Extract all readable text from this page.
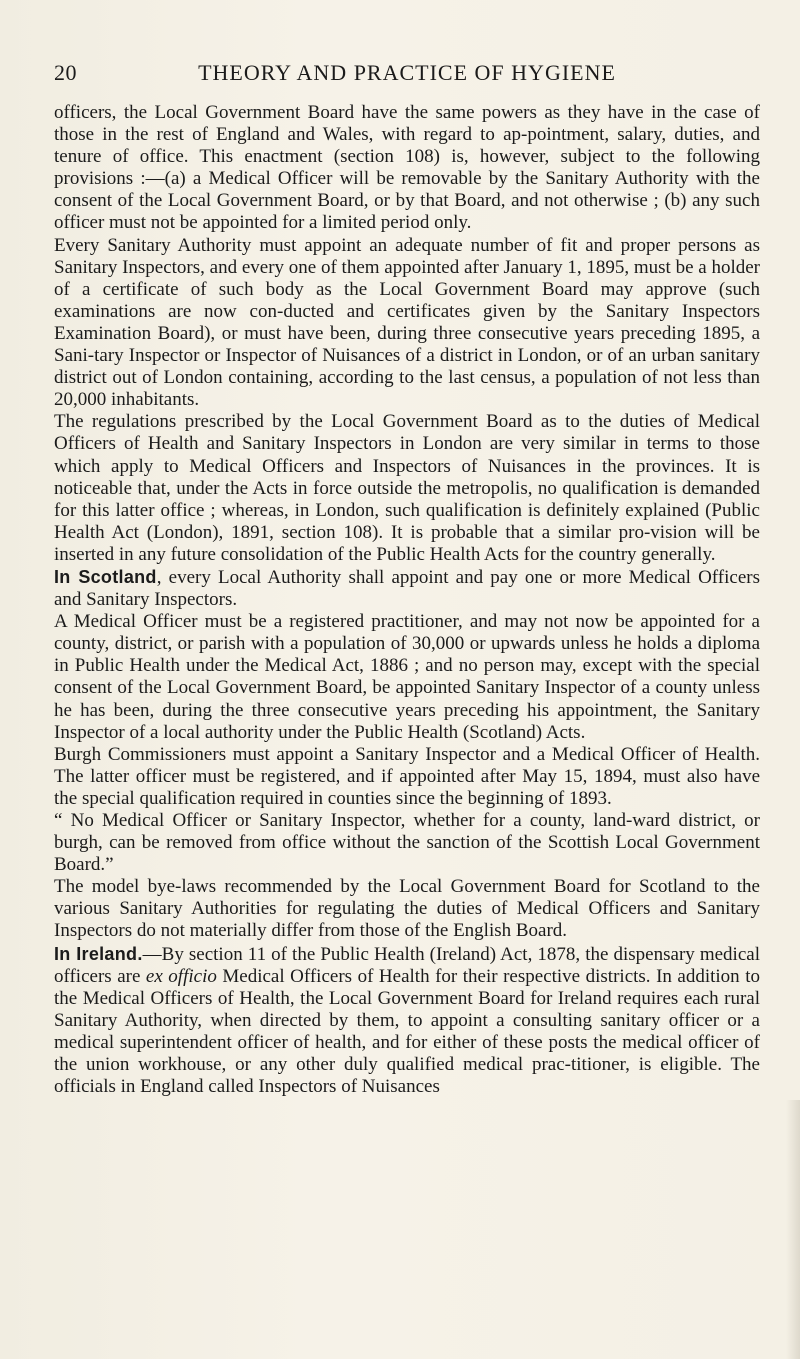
20	THEORY AND PRACTICE OF HYGIENE

officers, the Local Government Board have the same powers as they have in the case of those in the rest of England and Wales, with regard to ap-pointment, salary, duties, and tenure of office. This enactment (section 108) is, however, subject to the following provisions :—(a) a Medical Officer will be removable by the Sanitary Authority with the consent of the Local Government Board, or by that Board, and not otherwise ; (b) any such officer must not be appointed for a limited period only.

Every Sanitary Authority must appoint an adequate number of fit and proper persons as Sanitary Inspectors, and every one of them appointed after January 1, 1895, must be a holder of a certificate of such body as the Local Government Board may approve (such examinations are now con-ducted and certificates given by the Sanitary Inspectors Examination Board), or must have been, during three consecutive years preceding 1895, a Sani-tary Inspector or Inspector of Nuisances of a district in London, or of an urban sanitary district out of London containing, according to the last census, a population of not less than 20,000 inhabitants.

The regulations prescribed by the Local Government Board as to the duties of Medical Officers of Health and Sanitary Inspectors in London are very similar in terms to those which apply to Medical Officers and Inspectors of Nuisances in the provinces. It is noticeable that, under the Acts in force outside the metropolis, no qualification is demanded for this latter office ; whereas, in London, such qualification is definitely explained (Public Health Act (London), 1891, section 108). It is probable that a similar pro-vision will be inserted in any future consolidation of the Public Health Acts for the country generally.

In Scotland, every Local Authority shall appoint and pay one or more Medical Officers and Sanitary Inspectors.

A Medical Officer must be a registered practitioner, and may not now be appointed for a county, district, or parish with a population of 30,000 or upwards unless he holds a diploma in Public Health under the Medical Act, 1886 ; and no person may, except with the special consent of the Local Government Board, be appointed Sanitary Inspector of a county unless he has been, during the three consecutive years preceding his appointment, the Sanitary Inspector of a local authority under the Public Health (Scotland) Acts.

Burgh Commissioners must appoint a Sanitary Inspector and a Medical Officer of Health. The latter officer must be registered, and if appointed after May 15, 1894, must also have the special qualification required in counties since the beginning of 1893.

“ No Medical Officer or Sanitary Inspector, whether for a county, land-ward district, or burgh, can be removed from office without the sanction of the Scottish Local Government Board.”

The model bye-laws recommended by the Local Government Board for Scotland to the various Sanitary Authorities for regulating the duties of Medical Officers and Sanitary Inspectors do not materially differ from those of the English Board.

In Ireland.—By section 11 of the Public Health (Ireland) Act, 1878, the dispensary medical officers are ex officio Medical Officers of Health for their respective districts. In addition to the Medical Officers of Health, the Local Government Board for Ireland requires each rural Sanitary Authority, when directed by them, to appoint a consulting sanitary officer or a medical superintendent officer of health, and for either of these posts the medical officer of the union workhouse, or any other duly qualified medical prac-titioner, is eligible. The officials in England called Inspectors of Nuisances
